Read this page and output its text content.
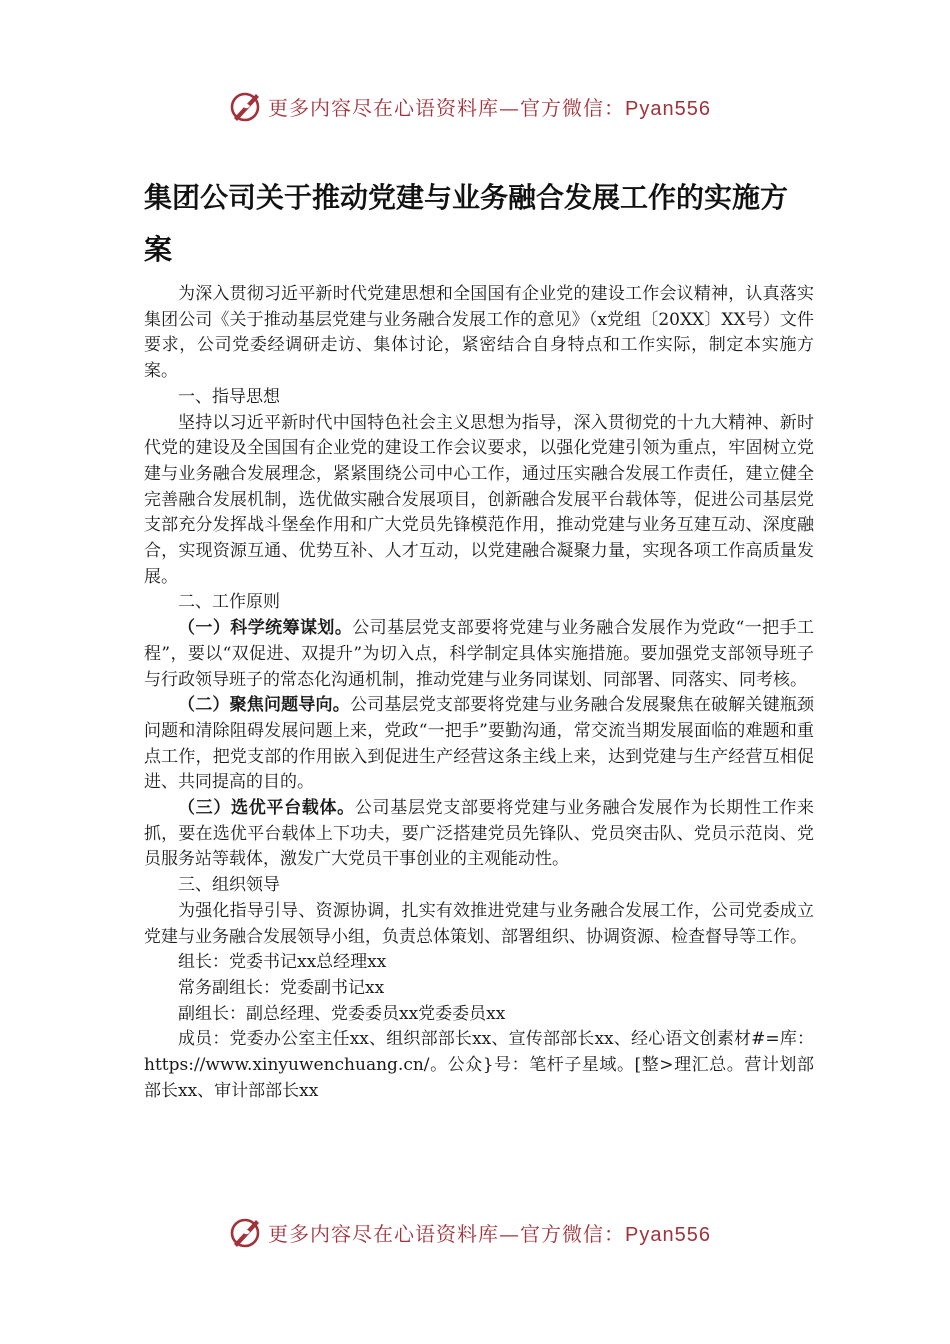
更多内容尽在心语资料库—官方微信：Pyan556
集团公司关于推动党建与业务融合发展工作的实施方案

为深入贯彻习近平新时代党建思想和全国国有企业党的建设工作会议精神，认真落实集团公司《关于推动基层党建与业务融合发展工作的意见》（x党组〔20XX〕XX号）文件要求，公司党委经调研走访、集体讨论，紧密结合自身特点和工作实际，制定本实施方案。

一、指导思想

坚持以习近平新时代中国特色社会主义思想为指导，深入贯彻党的十九大精神、新时代党的建设及全国国有企业党的建设工作会议要求，以强化党建引领为重点，牢固树立党建与业务融合发展理念，紧紧围绕公司中心工作，通过压实融合发展工作责任，建立健全完善融合发展机制，选优做实融合发展项目，创新融合发展平台载体等，促进公司基层党支部充分发挥战斗堡垒作用和广大党员先锋模范作用，推动党建与业务互建互动、深度融合，实现资源互通、优势互补、人才互动，以党建融合凝聚力量，实现各项工作高质量发展。

二、工作原则

（一）科学统筹谋划。公司基层党支部要将党建与业务融合发展作为党政“一把手工程”，要以“双促进、双提升”为切入点，科学制定具体实施措施。要加强党支部领导班子与行政领导班子的常态化沟通机制，推动党建与业务同谋划、同部署、同落实、同考核。

（二）聚焦问题导向。公司基层党支部要将党建与业务融合发展聚焦在破解关键瓶颈问题和清除阻碍发展问题上来，党政“一把手”要勤沟通，常交流当期发展面临的难题和重点工作，把党支部的作用嵌入到促进生产经营这条主线上来，达到党建与生产经营互相促进、共同提高的目的。

（三）选优平台载体。公司基层党支部要将党建与业务融合发展作为长期性工作来抓，要在选优平台载体上下功夫，要广泛搭建党员先锋队、党员突击队、党员示范岗、党员服务站等载体，激发广大党员干事创业的主观能动性。

三、组织领导

为强化指导引导、资源协调，扎实有效推进党建与业务融合发展工作，公司党委成立党建与业务融合发展领导小组，负责总体策划、部署组织、协调资源、检查督导等工作。

组长：党委书记xx总经理xx

常务副组长：党委副书记xx

副组长：副总经理、党委委员xx党委委员xx

成员：党委办公室主任xx、组织部部长xx、宣传部部长xx、经心语文创素材#=库：https://www.xinyuwenchuang.cn/。公众}号：笔杆子星域。[整>理汇总。营计划部部长xx、审计部部长xx

更多内容尽在心语资料库—官方微信：Pyan556
